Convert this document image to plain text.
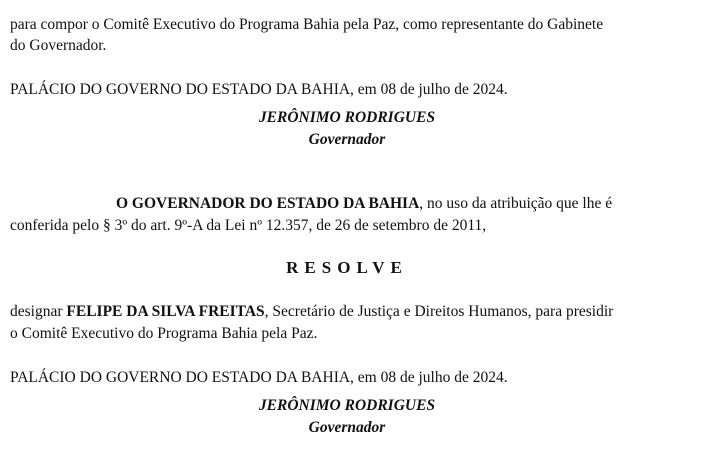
para compor o Comitê Executivo do Programa Bahia pela Paz, como representante do Gabinete
do Governador.
PALÁCIO DO GOVERNO DO ESTADO DA BAHIA, em 08 de julho de 2024.
JERÔNIMO RODRIGUES
Governador
O GOVERNADOR DO ESTADO DA BAHIA, no uso da atribuição que lhe é
conferida pelo § 3º do art. 9º-A da Lei nº 12.357, de 26 de setembro de 2011,
RESOLVE
designar FELIPE DA SILVA FREITAS, Secretário de Justiça e Direitos Humanos, para presidir
o Comitê Executivo do Programa Bahia pela Paz.
PALÁCIO DO GOVERNO DO ESTADO DA BAHIA, em 08 de julho de 2024.
JERÔNIMO RODRIGUES
Governador
